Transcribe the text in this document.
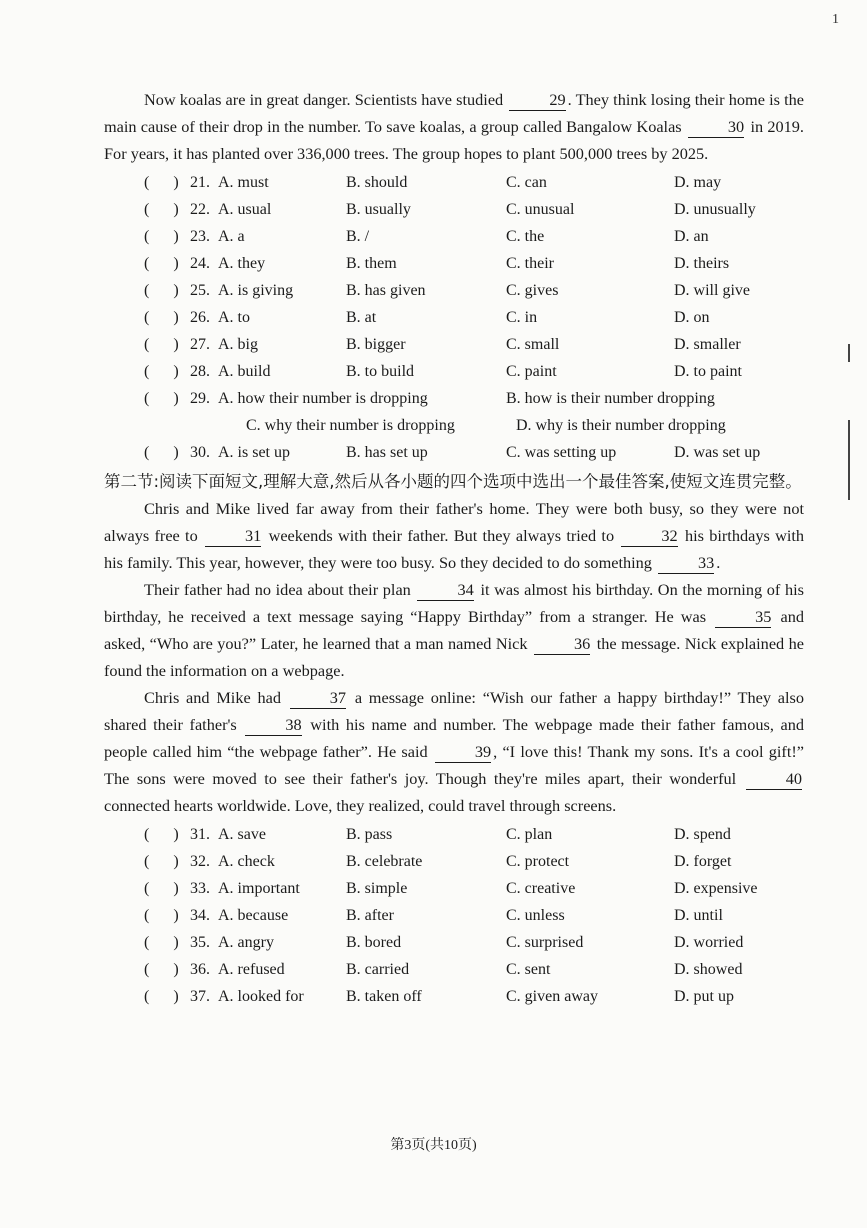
1

Now koalas are in great danger. Scientists have studied	29 . They think losing their home is the main cause of their drop in the number. To save koalas, a group called Bangalow Koalas	30 in 2019. For years, it has planted over 336,000 trees. The group hopes to plant 500,000 trees by 2025.

( ) 21. A. must	B. should	C. can	D. may
( ) 22. A. usual	B. usually	C. unusual	D. unusually
( ) 23. A. a	B. /	C. the	D. an
( ) 24. A. they	B. them	C. their	D. theirs
( ) 25. A. is giving	B. has given	C. gives	D. will give
( ) 26. A. to	B. at	C. in	D. on
( ) 27. A. big	B. bigger	C. small	D. smaller
( ) 28. A. build	B. to build	C. paint	D. to paint
( ) 29. A. how their number is dropping	B. how is their number dropping
C. why their number is dropping	D. why is their number dropping
( ) 30. A. is set up	B. has set up	C. was setting up	D. was set up

第二节:阅读下面短文,理解大意,然后从各小题的四个选项中选出一个最佳答案,使短文连贯完整。

Chris and Mike lived far away from their father's home. They were both busy, so they were not always free to	31 weekends with their father. But they always tried to	32 his birthdays with his family. This year, however, they were too busy. So they decided to do something	33 .

Their father had no idea about their plan	34 it was almost his birthday. On the morning of his birthday, he received a text message saying “Happy Birthday” from a stranger. He was	35 and asked, “Who are you?” Later, he learned that a man named Nick	36 the message. Nick explained he found the information on a webpage.

Chris and Mike had	37 a message online: “Wish our father a happy birthday!” They also shared their father's	38 with his name and number. The webpage made their father famous, and people called him “the webpage father”. He said	39 , “I love this! Thank my sons. It's a cool gift!” The sons were moved to see their father's joy. Though they're miles apart, their wonderful	40 connected hearts worldwide. Love, they realized, could travel through screens.

( ) 31. A. save	B. pass	C. plan	D. spend
( ) 32. A. check	B. celebrate	C. protect	D. forget
( ) 33. A. important	B. simple	C. creative	D. expensive
( ) 34. A. because	B. after	C. unless	D. until
( ) 35. A. angry	B. bored	C. surprised	D. worried
( ) 36. A. refused	B. carried	C. sent	D. showed
( ) 37. A. looked for	B. taken off	C. given away	D. put up
第3页(共10页)
